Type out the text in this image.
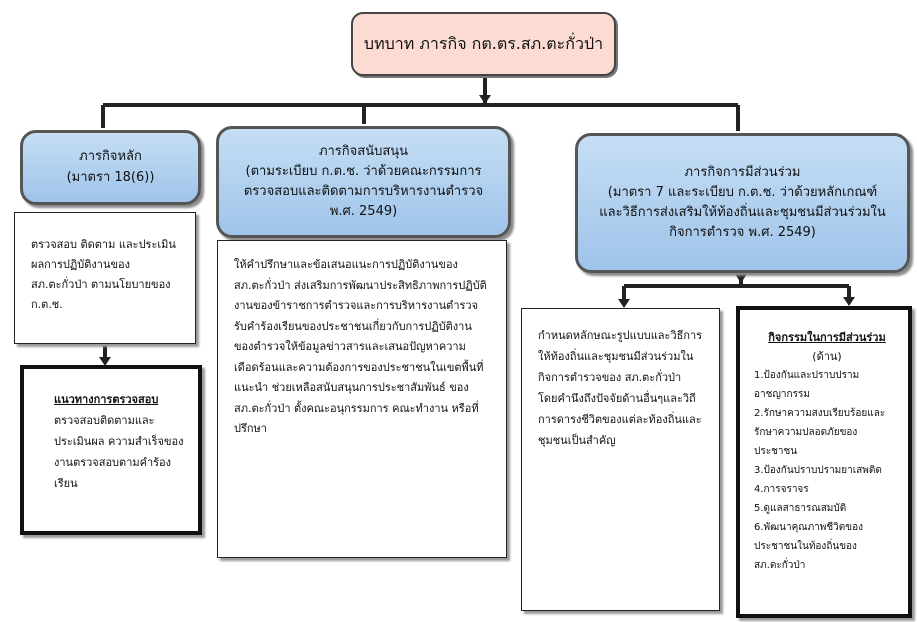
บทบาท ภารกิจ กต.ตร.สภ.ตะกั่วป่า
ภารกิจหลัก
(มาตรา 18(6))
ภารกิจสนับสนุน
(ตามระเบียบ ก.ต.ช. ว่าด้วยคณะกรรมการตรวจสอบและติดตามการบริหารงานตำรวจ พ.ศ. 2549)
ภารกิจการมีส่วนร่วม
(มาตรา 7 และระเบียบ ก.ต.ช. ว่าด้วยหลักเกณฑ์และวิธีการส่งเสริมให้ท้องถิ่นและชุมชนมีส่วนร่วมในกิจการตำรวจ พ.ศ. 2549)
ตรวจสอบ ติดตาม และประเมินผลการปฏิบัติงานของ สภ.ตะกั่วป่า ตามนโยบายของ ก.ต.ช.
แนวทางการตรวจสอบ
ตรวจสอบติดตามและประเมินผล ความสำเร็จของงานตรวจสอบตามคำร้องเรียน
ให้คำปรึกษาและข้อเสนอแนะการปฏิบัติงานของ สภ.ตะกั่วป่า ส่งเสริมการพัฒนาประสิทธิภาพการปฏิบัติงานของข้าราชการตำรวจและการบริหารงานตำรวจรับคำร้องเรียนของประชาชนเกี่ยวกับการปฏิบัติงานของตำรวจให้ข้อมูลข่าวสารและเสนอปัญหาความ เดือดร้อนและความต้องการของประชาชนในเขตพื้นที่แนะนำ ช่วยเหลือสนับสนุนการประชาสัมพันธ์ ของ สภ.ตะกั่วป่า ตั้งคณะอนุกรรมการ คณะทำงาน หรือที่ปรึกษา
กำหนดหลักษณะรูปแบบและวิธีการให้ท้องถิ่นและชุมชนมีส่วนร่วมในกิจการตำรวจของ สภ.ตะกั่วป่า โดยคำนึงถึงปัจจัยด้านอื่นๆและวิถีการดารงชีวิตของแต่ละท้องถิ่นและชุมชนเป็นสำคัญ
กิจกรรมในการมีส่วนร่วม
(ด้าน)
1.ป้องกันและปราบปรามอาชญากรรม
2.รักษาความสงบเรียบร้อยและรักษาความปลอดภัยของประชาชน
3.ป้องกันปราบปรามยาเสพติด
4.การจราจร
5.ดูแลสาธารณสมบัติ
6.พัฒนาคุณภาพชีวิตของประชาชนในท้องถิ่นของ สภ.ตะกั่วป่า
